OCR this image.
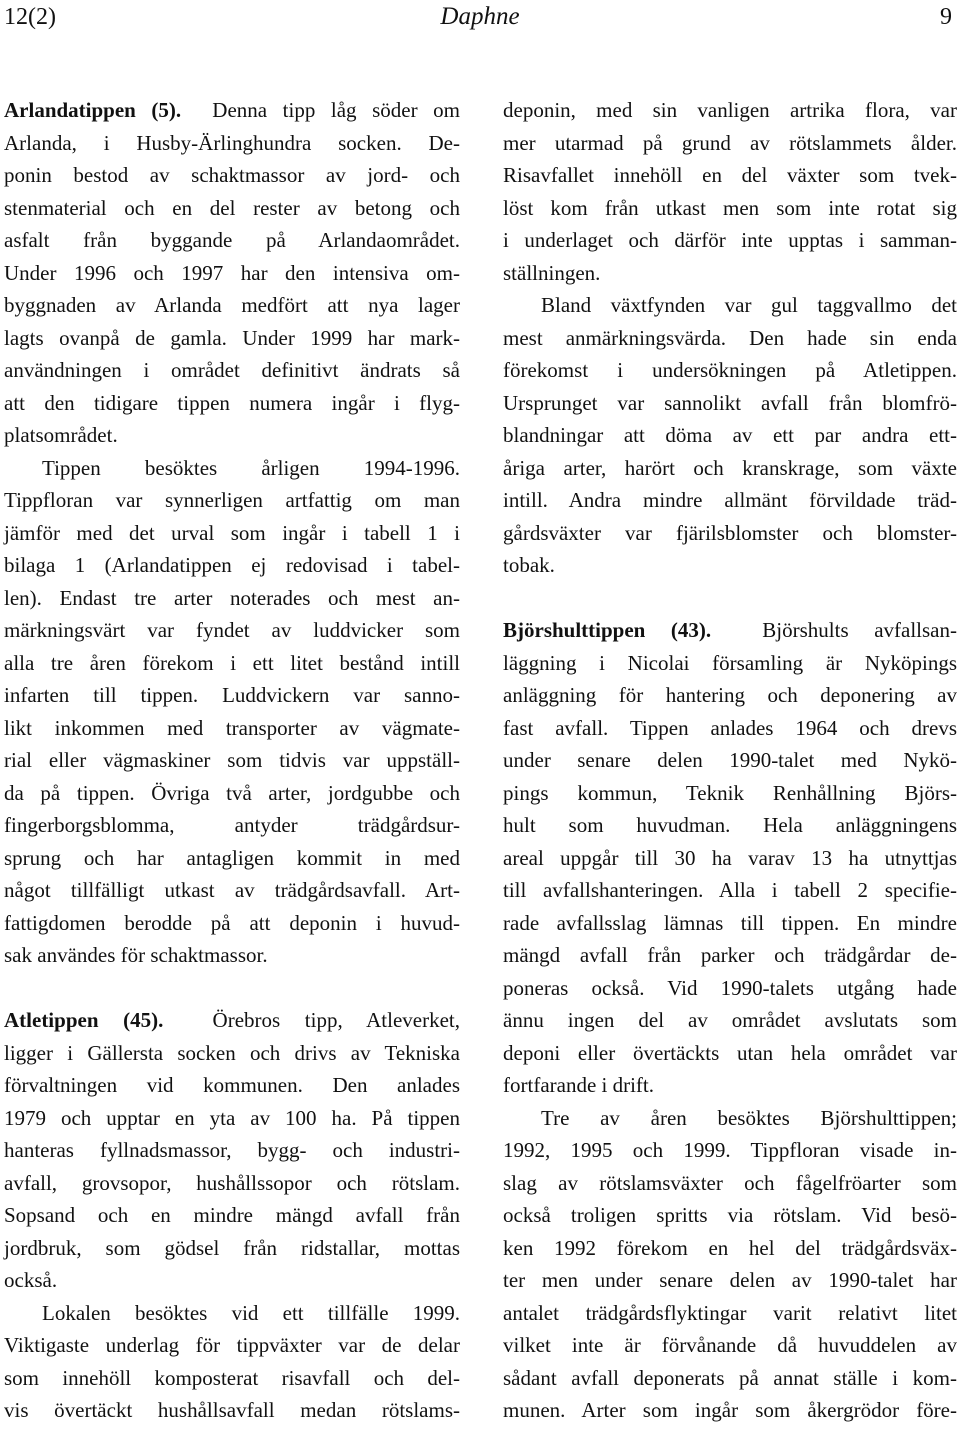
12(2)	Daphne	9
Arlandatippen (5). Denna tipp låg söder om
Arlanda, i Husby-Ärlinghundra socken. De-
ponin bestod av schaktmassor av jord- och
stenmaterial och en del rester av betong och
asfalt från byggande på Arlandaområdet.
Under 1996 och 1997 har den intensiva om-
byggnaden av Arlanda medfört att nya lager
lagts ovanpå de gamla. Under 1999 har mark-
användningen i området definitivt ändrats så
att den tidigare tippen numera ingår i flyg-
platsområdet.
Tippen besöktes årligen 1994-1996.
Tippfloran var synnerligen artfattig om man
jämför med det urval som ingår i tabell 1 i
bilaga 1 (Arlandatippen ej redovisad i tabel-
len). Endast tre arter noterades och mest an-
märkningsvärt var fyndet av luddvicker som
alla tre åren förekom i ett litet bestånd intill
infarten till tippen. Luddvickern var sanno-
likt inkommen med transporter av vägmate-
rial eller vägmaskiner som tidvis var uppställ-
da på tippen. Övriga två arter, jordgubbe och
fingerborgsblomma, antyder trädgårdsur-
sprung och har antagligen kommit in med
något tillfälligt utkast av trädgårdsavfall. Art-
fattigdomen berodde på att deponin i huvud-
sak användes för schaktmassor.
Atletippen (45). Örebros tipp, Atleverket,
ligger i Gällersta socken och drivs av Tekniska
förvaltningen vid kommunen. Den anlades
1979 och upptar en yta av 100 ha. På tippen
hanteras fyllnadsmassor, bygg- och industri-
avfall, grovsopor, hushållssopor och rötslam.
Sopsand och en mindre mängd avfall från
jordbruk, som gödsel från ridstallar, mottas
också.
Lokalen besöktes vid ett tillfälle 1999.
Viktigaste underlag för tippväxter var de delar
som innehöll komposterat risavfall och del-
vis övertäckt hushållsavfall medan rötslams-
deponin, med sin vanligen artrika flora, var
mer utarmad på grund av rötslammets ålder.
Risavfallet innehöll en del växter som tvek-
löst kom från utkast men som inte rotat sig
i underlaget och därför inte upptas i samman-
ställningen.
Bland växtfynden var gul taggvallmo det
mest anmärkningsvärda. Den hade sin enda
förekomst i undersökningen på Atletippen.
Ursprunget var sannolikt avfall från blomfrö-
blandningar att döma av ett par andra ett-
åriga arter, harört och kranskrage, som växte
intill. Andra mindre allmänt förvildade träd-
gårdsväxter var fjärilsblomster och blomster-
tobak.
Björshulttippen (43). Björshults avfallsan-
läggning i Nicolai församling är Nyköpings
anläggning för hantering och deponering av
fast avfall. Tippen anlades 1964 och drevs
under senare delen 1990-talet med Nykö-
pings kommun, Teknik Renhållning Björs-
hult som huvudman. Hela anläggningens
areal uppgår till 30 ha varav 13 ha utnyttjas
till avfallshanteringen. Alla i tabell 2 specifie-
rade avfallsslag lämnas till tippen. En mindre
mängd avfall från parker och trädgårdar de-
poneras också. Vid 1990-talets utgång hade
ännu ingen del av området avslutats som
deponi eller övertäckts utan hela området var
fortfarande i drift.
Tre av åren besöktes Björshulttippen;
1992, 1995 och 1999. Tippfloran visade in-
slag av rötslamsväxter och fågelfröarter som
också troligen spritts via rötslam. Vid besö-
ken 1992 förekom en hel del trädgårdsväx-
ter men under senare delen av 1990-talet har
antalet trädgårdsflyktingar varit relativt litet
vilket inte är förvånande då huvuddelen av
sådant avfall deponerats på annat ställe i kom-
munen. Arter som ingår som åkergrödor före-
